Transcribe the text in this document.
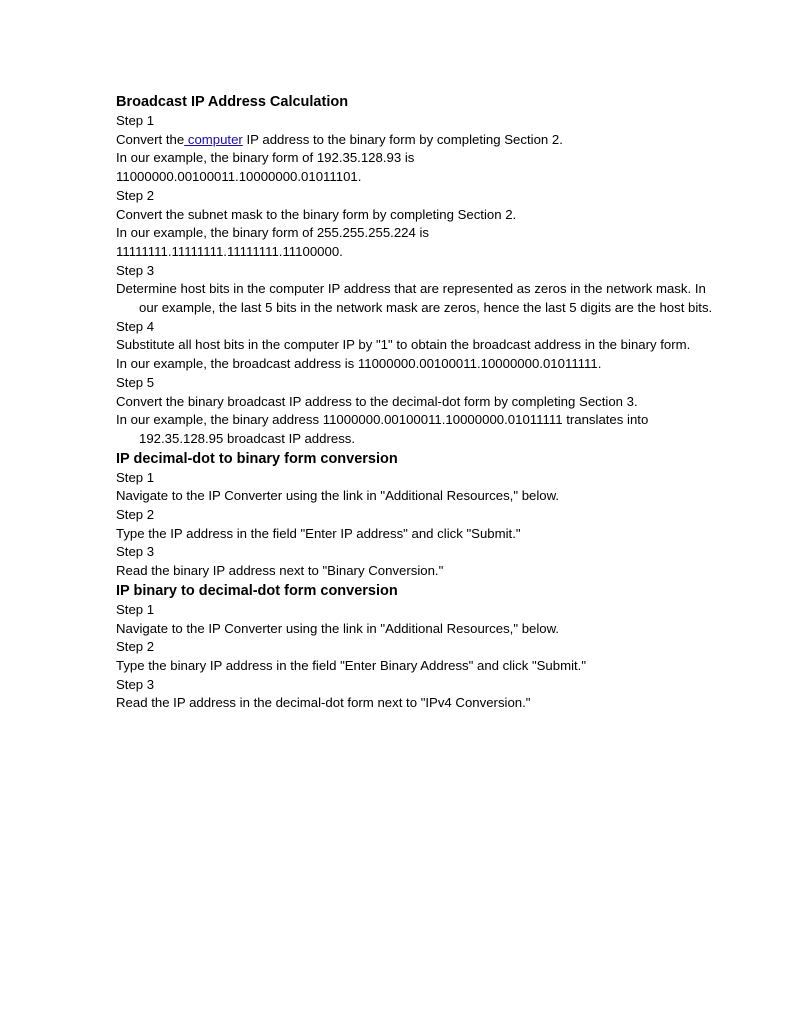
Broadcast IP Address Calculation

Step 1

Convert the computer IP address to the binary form by completing Section 2.

In our example, the binary form of 192.35.128.93 is

11000000.00100011.10000000.01011101.

Step 2

Convert the subnet mask to the binary form by completing Section 2.

In our example, the binary form of 255.255.255.224 is

11111111.11111111.11111111.11100000.

Step 3

Determine host bits in the computer IP address that are represented as zeros in the network mask. In our example, the last 5 bits in the network mask are zeros, hence the last 5 digits are the host bits.

Step 4

Substitute all host bits in the computer IP by "1" to obtain the broadcast address in the binary form.

In our example, the broadcast address is 11000000.00100011.10000000.01011111.

Step 5

Convert the binary broadcast IP address to the decimal-dot form by completing Section 3.

In our example, the binary address 11000000.00100011.10000000.01011111 translates into 192.35.128.95 broadcast IP address.

IP decimal-dot to binary form conversion

Step 1

Navigate to the IP Converter using the link in "Additional Resources," below.

Step 2

Type the IP address in the field "Enter IP address" and click "Submit."

Step 3

Read the binary IP address next to "Binary Conversion."

IP binary to decimal-dot form conversion

Step 1

Navigate to the IP Converter using the link in "Additional Resources," below.

Step 2

Type the binary IP address in the field "Enter Binary Address" and click "Submit."

Step 3

Read the IP address in the decimal-dot form next to "IPv4 Conversion."
